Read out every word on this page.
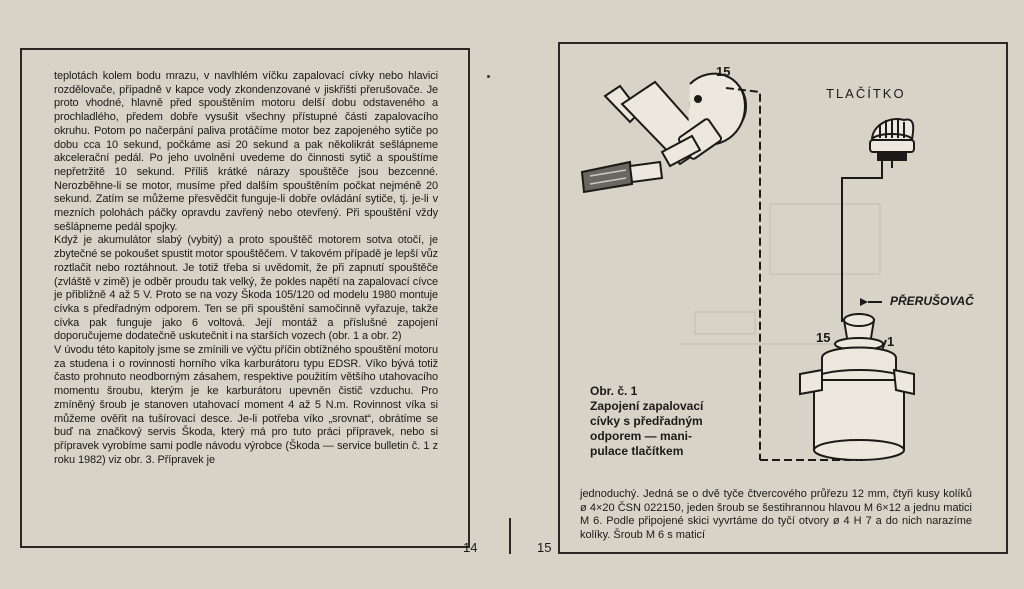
teplotách kolem bodu mrazu, v navlhlém víčku zapalovací cívky nebo hlavici rozdělovače, případně v kapce vody zkondenzované v jiskřišti přerušovače. Je proto vhodné, hlavně před spouštěním motoru delší dobu odstaveného a prochladlého, předem dobře vysušit všechny přístupné části zapalovacího okruhu. Potom po načerpání paliva protáčíme motor bez zapojeného sytiče po dobu cca 10 sekund, počkáme asi 20 sekund a pak několikrát sešlápneme akcelerační pedál. Po jeho uvolnění uvedeme do činnosti sytič a spouštíme nepřetržitě 10 sekund. Příliš krátké nárazy spouštěče jsou bezcenné. Nerozběhne-li se motor, musíme před dalším spouštěním počkat nejméně 20 sekund. Zatím se můžeme přesvědčit funguje-li dobře ovládání sytiče, tj. je-li v mezních polohách páčky opravdu zavřený nebo otevřený. Při spouštění vždy sešlápneme pedál spojky.

Když je akumulátor slabý (vybitý) a proto spouštěč motorem sotva otočí, je zbytečné se pokoušet spustit motor spouštěčem. V takovém případě je lepší vůz roztlačit nebo roztáhnout. Je totiž třeba si uvědomit, že při zapnutí spouštěče (zvláště v zimě) je odběr proudu tak velký, že pokles napětí na zapalovací cívce je přibližně 4 až 5 V. Proto se na vozy Škoda 105/120 od modelu 1980 montuje cívka s předřadným odporem. Ten se při spouštění samočinně vyřazuje, takže cívka pak funguje jako 6 voltová. Její montáž a příslušné zapojení doporučujeme dodatečně uskutečnit i na starších vozech (obr. 1 a obr. 2)

V úvodu této kapitoly jsme se zmínili ve výčtu příčin obtížného spouštění motoru za studena i o rovinnosti horního víka karburátoru typu EDSR. Víko bývá totiž často prohnuto neodborným zásahem, respektive použitím většího utahovacího momentu šroubu, kterým je ke karburátoru upevněn čistič vzduchu. Pro zmíněný šroub je stanoven utahovací moment 4 až 5 N.m. Rovinnost víka si můžeme ověřit na tušírovací desce. Je-li potřeba víko „srovnat“, obrátíme se buď na značkový servis Škoda, který má pro tuto práci přípravek, nebo si přípravek vyrobíme sami podle návodu výrobce (Škoda — service bulletin č. 1 z roku 1982) viz obr. 3. Přípravek je

14	15
15
TLAČÍTKO
PŘERUŠOVAČ
15	1
Obr. č. 1
Zapojení zapalovací
cívky s předřadným
odporem — mani-
pulace tlačítkem
jednoduchý. Jedná se o dvě tyče čtvercového průřezu 12 mm, čtyři kusy kolíků ø 4×20 ČSN 022150, jeden šroub se šestihrannou hlavou M 6×12 a jednu matici M 6. Podle připojené skici vyvrtáme do tyčí otvory ø 4 H 7 a do nich narazíme kolíky. Šroub M 6 s maticí
